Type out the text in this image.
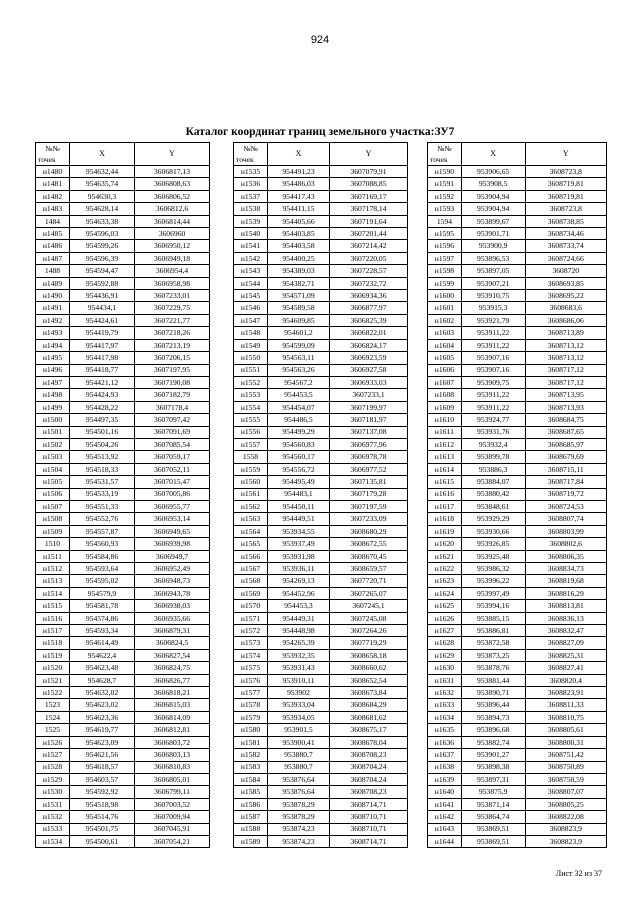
924
Каталог координат границ земельного участка:ЗУ7
№№
точек	X	Y
н1480	954632,44	3606817,13
н1481	954635,74	3606808,63
н1482	954630,3	3606806,52
н1483	954628,14	3606812,6
1484	954633,38	3606814,44
н1485	954596,03	3606960
н1486	954599,26	3606950,12
н1487	954596,39	3606949,18
1488	954594,47	3606954,4
н1489	954592,88	3606958,98
н1490	954436,91	3607233,01
н1491	954434,1	3607229,75
н1492	954424,61	3607221,77
н1493	954419,79	3607218,26
н1494	954417,97	3607213,19
н1495	954417,98	3607206,15
н1496	954418,77	3607197,95
н1497	954421,12	3607190,08
н1498	954424,93	3607182,79
н1499	954428,22	3607178,4
н1500	954497,35	3607097,42
н1501	954501,16	3607091,69
н1502	954504,26	3607085,54
н1503	954513,92	3607059,17
н1504	954518,33	3607052,11
н1505	954531,57	3607015,47
н1506	954533,19	3607005,86
н1507	954551,33	3606955,77
н1508	954552,76	3606953,14
н1509	954557,87	3606949,65
1510	954560,93	3606939,98
н1511	954584,86	3606949,7
н1512	954593,64	3606952,49
н1513	954595,02	3606948,73
н1514	954579,9	3606943,78
н1515	954581,78	3606938,03
н1516	954574,86	3606935,66
н1517	954593,34	3606879,31
н1518	954614,49	3606824,5
н1519	954622,4	3606827,54
н1520	954623,48	3606824,75
н1521	954628,7	3606826,77
н1522	954632,02	3606818,21
1523	954623,02	3606815,03
1524	954623,36	3606814,09
1525	954619,77	3606812,81
н1526	954623,09	3606803,72
н1527	954621,56	3606803,13
н1528	954618,57	3606810,83
н1529	954603,57	3606805,01
н1530	954592,92	3606799,11
н1531	954518,98	3607003,52
н1532	954514,76	3607009,94
н1533	954501,75	3607045,91
н1534	954500,61	3607054,21
№№
точек	X	Y
н1535	954491,23	3607079,91
н1536	954486,03	3607088,85
н1537	954417,43	3607169,17
н1538	954411,15	3607178,14
н1539	954405,66	3607191,64
н1540	954403,85	3607201,44
н1541	954403,58	3607214,42
н1542	954400,25	3607220,05
н1543	954389,03	3607228,57
н1544	954382,71	3607232,72
н1545	954571,09	3606934,36
н1546	954589,58	3606877,97
н1547	954609,85	3606825,39
н1548	954601,2	3606822,01
н1549	954599,09	3606824,17
н1550	954563,11	3606923,59
н1551	954563,26	3606927,58
н1552	954567,2	3606933,03
н1553	954453,5	3607233,1
н1554	954454,07	3607199,97
н1555	954486,5	3607181,97
н1556	954499,29	3607137,08
н1557	954560,83	3606977,96
1558	954560,17	3606978,78
н1559	954556,72	3606977,52
н1560	954495,49	3607135,81
н1561	954483,1	3607179,28
н1562	954450,11	3607197,59
н1563	954449,51	3607233,09
н1564	953934,55	3608680,29
н1565	953937,49	3608672,55
н1566	953931,98	3608670,45
н1567	953936,11	3608659,57
н1568	954269,13	3607720,71
н1569	954452,96	3607265,07
н1570	954453,3	3607245,1
н1571	954449,31	3607245,08
н1572	954448,98	3607264,26
н1573	954265,39	3607719,29
н1574	953932,35	3608658,18
н1575	953931,43	3608660,62
н1576	953910,11	3608652,54
н1577	953902	3608673,84
н1578	953933,04	3608684,29
н1579	953934,05	3608681,62
н1580	953901,5	3608675,17
н1581	953900,41	3608678,04
н1582	953880,7	3608708,23
н1583	953880,7	3608704,24
н1584	953876,64	3608704,24
н1585	953876,64	3608708,23
н1586	953878,29	3608714,71
н1587	953878,29	3608710,71
н1588	953874,23	3608710,71
н1589	953874,23	3608714,71
№№
точек	X	Y
н1590	953906,65	3608723,8
н1591	953908,5	3608719,81
н1592	953904,94	3608719,81
н1593	953904,94	3608723,8
1594	953899,67	3608738,85
н1595	953901,71	3608734,46
н1596	953900,9	3608733,74
н1597	953896,53	3608724,66
н1598	953897,05	3608720
н1599	953907,21	3608693,85
н1600	953910,75	3608695,22
н1601	953915,3	3608683,6
н1602	953921,79	3608686,06
н1603	953911,22	3608713,89
н1604	953911,22	3608713,12
н1605	953907,16	3608713,12
н1606	953907,16	3608717,12
н1607	953909,75	3608717,12
н1608	953911,22	3608713,95
н1609	953911,22	3608713,93
н1610	953924,77	3608684,75
н1611	953931,76	3608687,65
н1612	953932,4	3608685,97
н1613	953899,78	3608679,69
н1614	953886,3	3608715,11
н1615	953884,07	3608717,84
н1616	953880,42	3608719,72
н1617	953848,61	3608724,53
н1618	953929,29	3608807,74
н1619	953930,66	3608803,99
н1620	953926,85	3608802,6
н1621	953925,48	3608806,35
н1622	953986,32	3608834,73
н1623	953996,22	3608819,68
н1624	953997,49	3608816,29
н1625	953994,16	3608813,81
н1626	953885,15	3608836,13
н1627	953886,81	3608832,47
н1628	953872,58	3608827,09
н1629	953873,25	3608825,31
н1630	953878,76	3608827,41
н1631	953881,44	3608820,4
н1632	953890,71	3608823,91
н1633	953896,44	3608811,33
н1634	953894,73	3608810,75
н1635	953896,68	3608805,61
н1636	953882,74	3608800,31
н1637	953901,27	3608751,42
н1638	953898,38	3608750,89
н1639	953897,31	3608750,59
н1640	953875,9	3608807,07
н1641	953871,14	3608805,25
н1642	953864,74	3608822,08
н1643	953869,51	3608823,9
н1644	953869,51	3608823,9
Лист 32 из 37
